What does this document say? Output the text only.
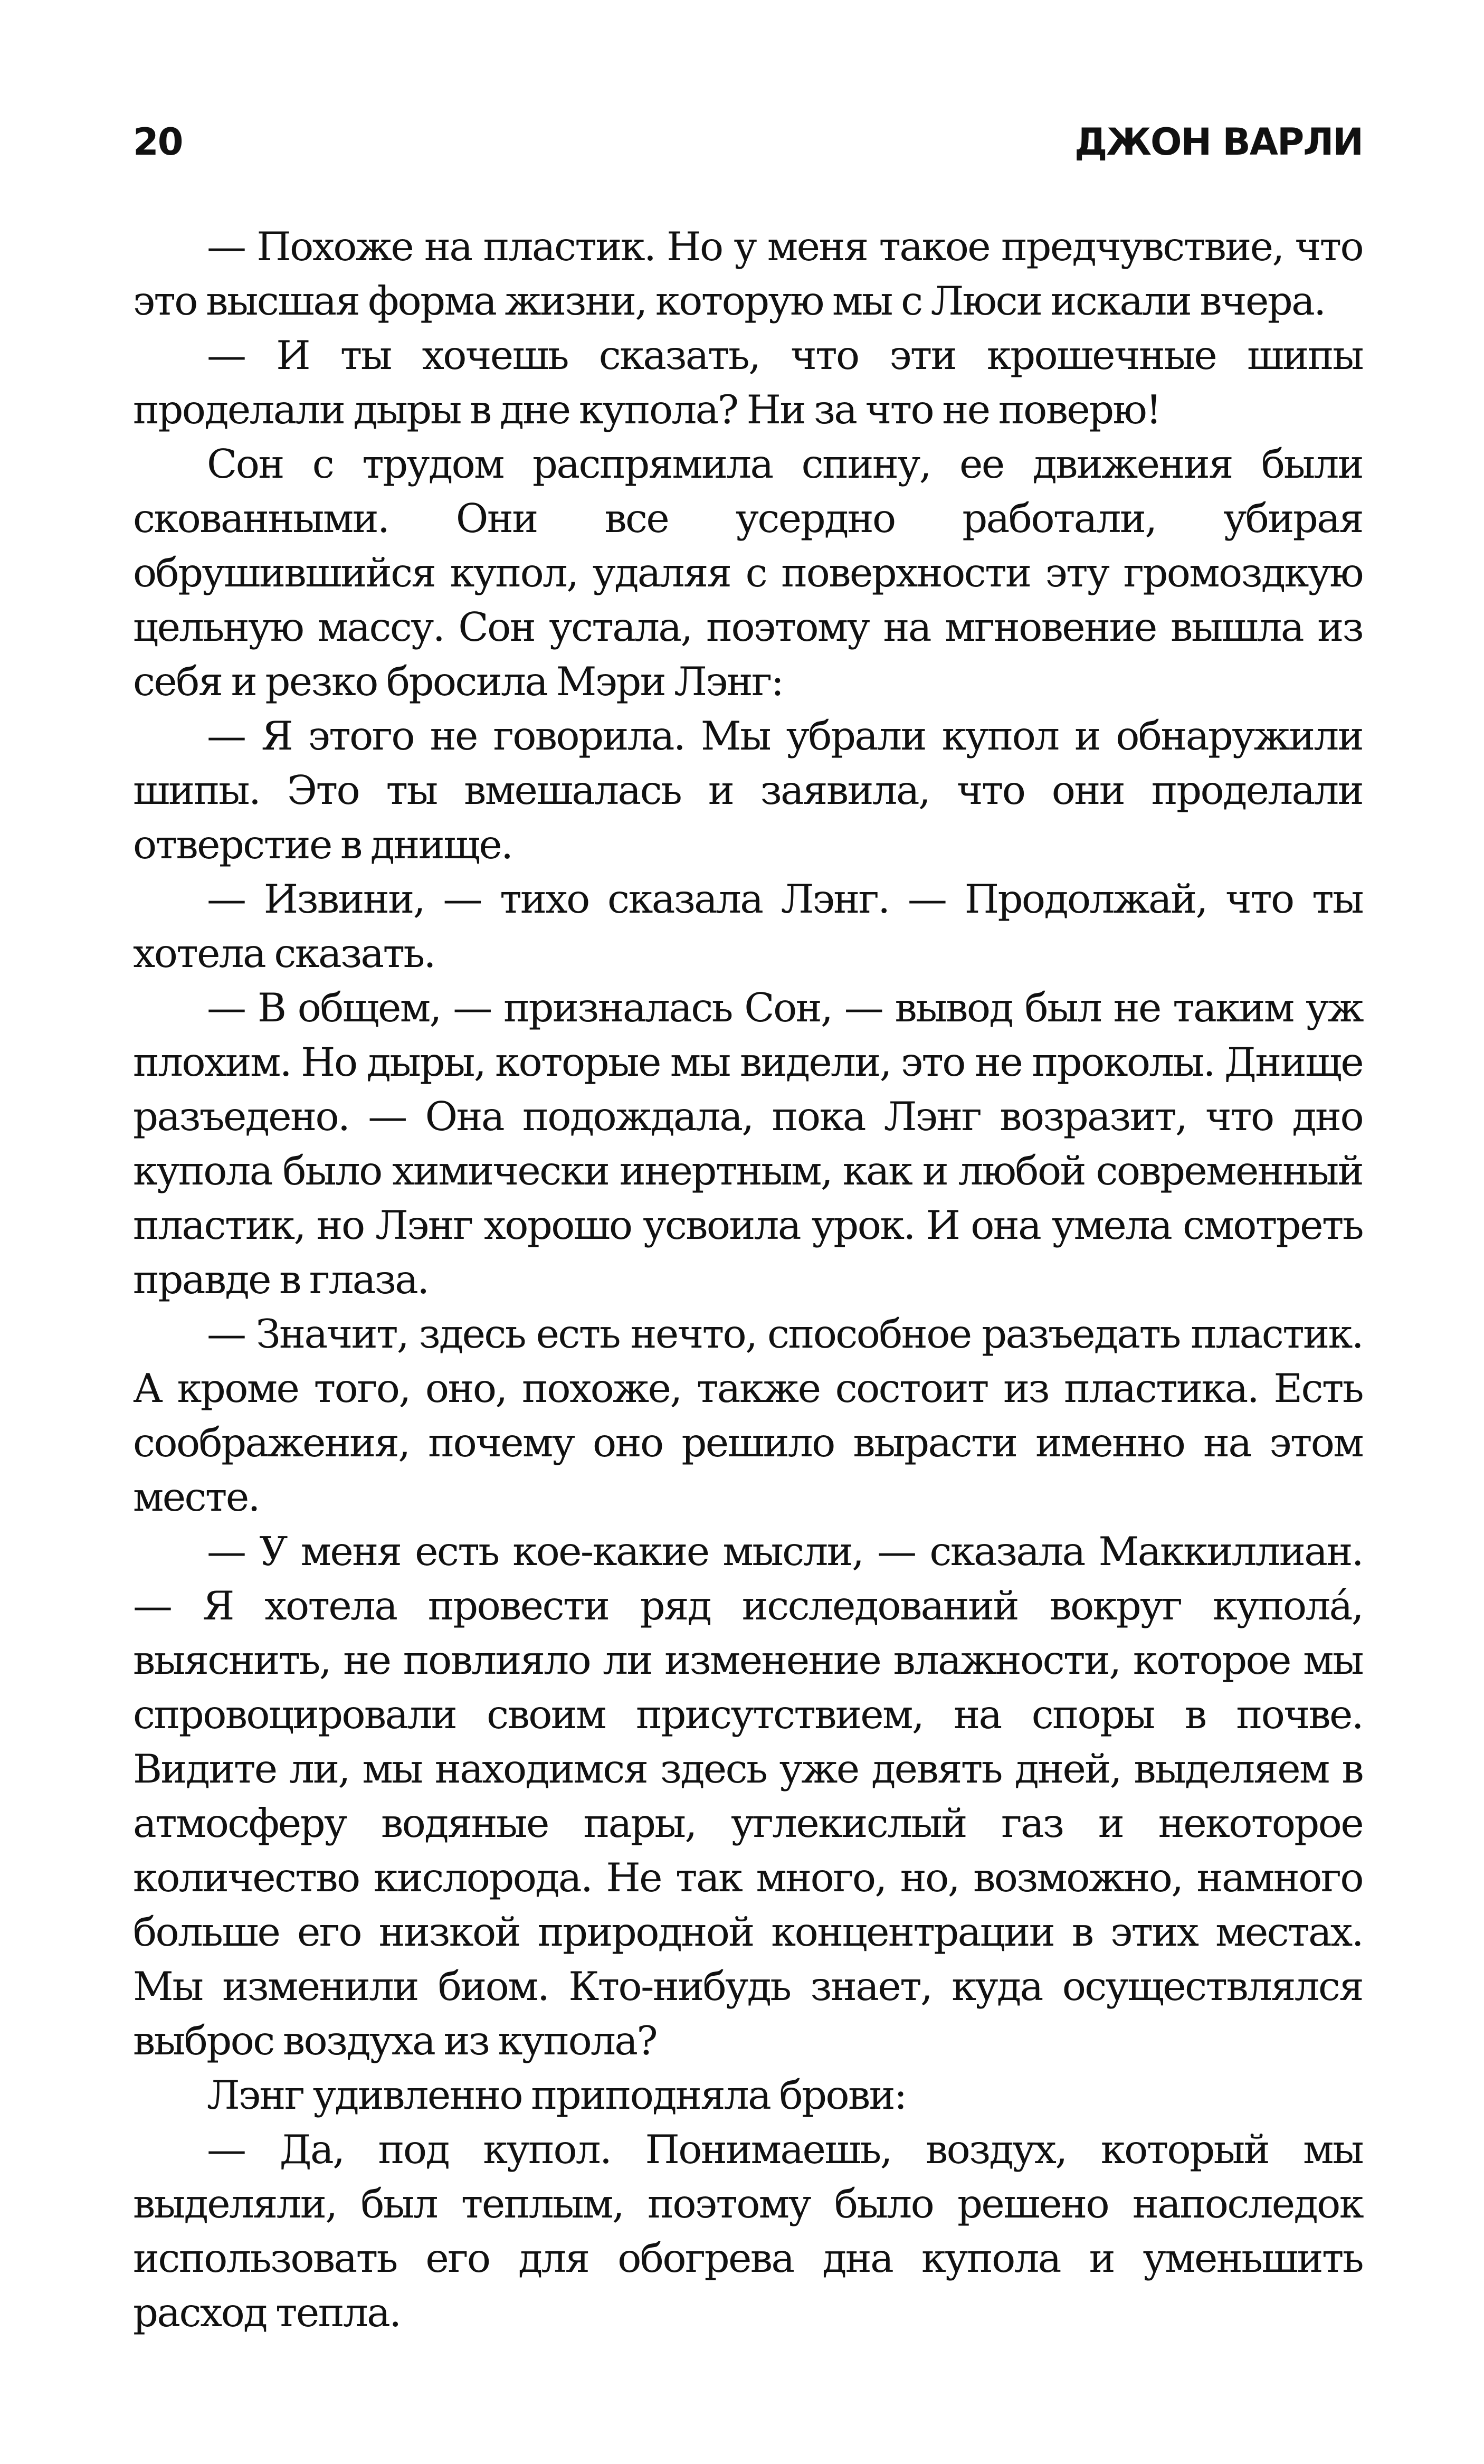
20	ДЖОН ВАРЛИ

— Похоже на пластик. Но у меня такое предчувствие, что это высшая форма жизни, которую мы с Люси искали вчера.

— И ты хочешь сказать, что эти крошечные шипы проделали дыры в дне купола? Ни за что не поверю!

Сон с трудом распрямила спину, ее движения были скованными. Они все усердно работали, убирая обрушившийся купол, удаляя с поверхности эту громоздкую цельную массу. Сон устала, поэтому на мгновение вышла из себя и резко бросила Мэри Лэнг:

— Я этого не говорила. Мы убрали купол и обнаружили шипы. Это ты вмешалась и заявила, что они проделали отверстие в днище.

— Извини, — тихо сказала Лэнг. — Продолжай, что ты хотела сказать.

— В общем, — призналась Сон, — вывод был не таким уж плохим. Но дыры, которые мы видели, это не проколы. Днище разъедено. — Она подождала, пока Лэнг возразит, что дно купола было химически инертным, как и любой современный пластик, но Лэнг хорошо усвоила урок. И она умела смотреть правде в глаза.

— Значит, здесь есть нечто, способное разъедать пластик. А кроме того, оно, похоже, также состоит из пластика. Есть соображения, почему оно решило вырасти именно на этом месте.

— У меня есть кое-какие мысли, — сказала Маккиллиан. — Я хотела провести ряд исследований вокруг купола́, выяснить, не повлияло ли изменение влажности, которое мы спровоцировали своим присутствием, на споры в почве. Видите ли, мы находимся здесь уже девять дней, выделяем в атмосферу водяные пары, углекислый газ и некоторое количество кислорода. Не так много, но, возможно, намного больше его низкой природной концентрации в этих местах. Мы изменили биом. Кто-нибудь знает, куда осуществлялся выброс воздуха из купола?

Лэнг удивленно приподняла брови:

— Да, под купол. Понимаешь, воздух, который мы выделяли, был теплым, поэтому было решено напоследок использовать его для обогрева дна купола и уменьшить расход тепла.
